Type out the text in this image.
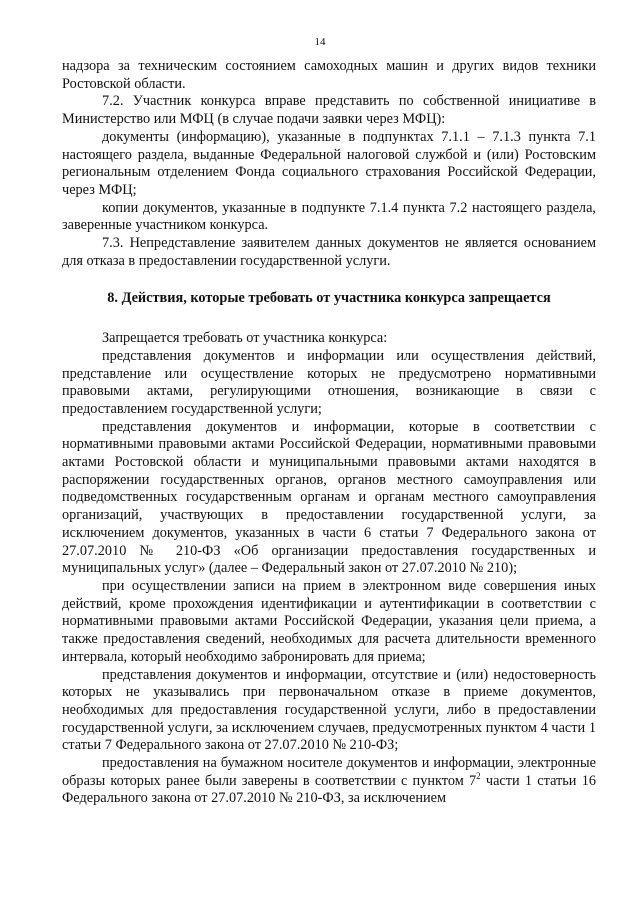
14

надзора за техническим состоянием самоходных машин и других видов техники Ростовской области.

7.2. Участник конкурса вправе представить по собственной инициативе в Министерство или МФЦ (в случае подачи заявки через МФЦ):

документы (информацию), указанные в подпунктах 7.1.1 – 7.1.3 пункта 7.1 настоящего раздела, выданные Федеральной налоговой службой и (или) Ростовским региональным отделением Фонда социального страхования Российской Федерации, через МФЦ;

копии документов, указанные в подпункте 7.1.4 пункта 7.2 настоящего раздела, заверенные участником конкурса.

7.3. Непредставление заявителем данных документов не является основанием для отказа в предоставлении государственной услуги.

8. Действия, которые требовать от участника конкурса запрещается

Запрещается требовать от участника конкурса:

представления документов и информации или осуществления действий, представление или осуществление которых не предусмотрено нормативными правовыми актами, регулирующими отношения, возникающие в связи с предоставлением государственной услуги;

представления документов и информации, которые в соответствии с нормативными правовыми актами Российской Федерации, нормативными правовыми актами Ростовской области и муниципальными правовыми актами находятся в распоряжении государственных органов, органов местного самоуправления или подведомственных государственным органам и органам местного самоуправления организаций, участвующих в предоставлении государственной услуги, за исключением документов, указанных в части 6 статьи 7 Федерального закона от 27.07.2010 № 210-ФЗ «Об организации предоставления государственных и муниципальных услуг» (далее – Федеральный закон от 27.07.2010 № 210);

при осуществлении записи на прием в электронном виде совершения иных действий, кроме прохождения идентификации и аутентификации в соответствии с нормативными правовыми актами Российской Федерации, указания цели приема, а также предоставления сведений, необходимых для расчета длительности временного интервала, который необходимо забронировать для приема;

представления документов и информации, отсутствие и (или) недостоверность которых не указывались при первоначальном отказе в приеме документов, необходимых для предоставления государственной услуги, либо в предоставлении государственной услуги, за исключением случаев, предусмотренных пунктом 4 части 1 статьи 7 Федерального закона от 27.07.2010 № 210-ФЗ;

предоставления на бумажном носителе документов и информации, электронные образы которых ранее были заверены в соответствии с пунктом $7^2$ части 1 статьи 16 Федерального закона от 27.07.2010 № 210-ФЗ, за исключением
